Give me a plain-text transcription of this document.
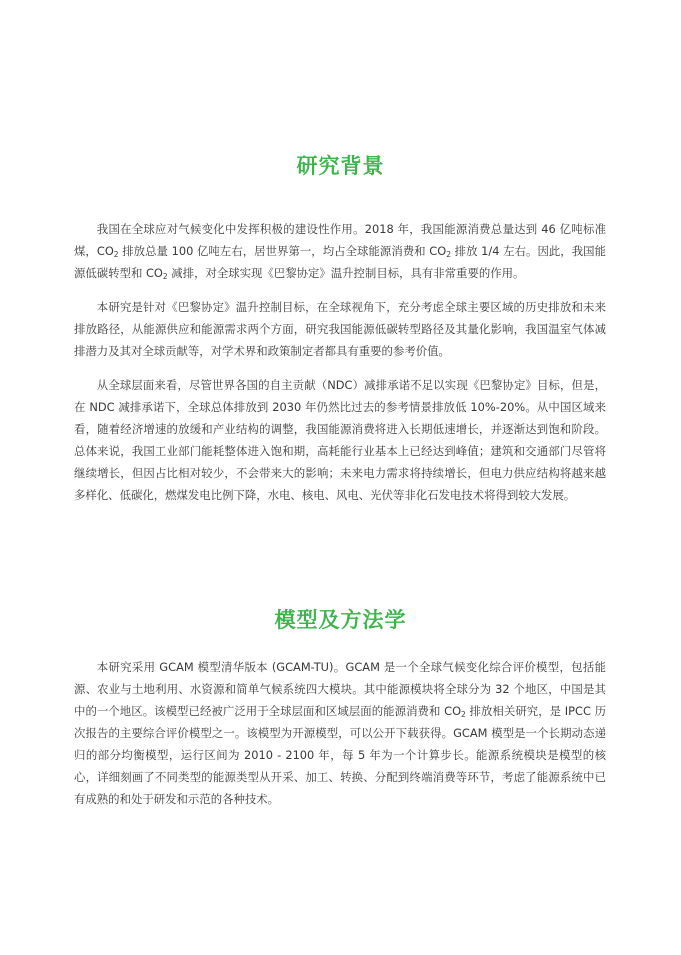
研究背景

我国在全球应对气候变化中发挥积极的建设性作用。2018 年，我国能源消费总量达到 46 亿吨标准煤，$CO_2$ 排放总量 100 亿吨左右，居世界第一，均占全球能源消费和 $CO_2$ 排放 1/4 左右。因此，我国能源低碳转型和 $CO_2$ 减排，对全球实现《巴黎协定》温升控制目标，具有非常重要的作用。

本研究是针对《巴黎协定》温升控制目标，在全球视角下，充分考虑全球主要区域的历史排放和未来排放路径，从能源供应和能源需求两个方面，研究我国能源低碳转型路径及其量化影响，我国温室气体减排潜力及其对全球贡献等，对学术界和政策制定者都具有重要的参考价值。

从全球层面来看，尽管世界各国的自主贡献（NDC）减排承诺不足以实现《巴黎协定》目标，但是，在 NDC 减排承诺下，全球总体排放到 2030 年仍然比过去的参考情景排放低 10%-20%。从中国区域来看，随着经济增速的放缓和产业结构的调整，我国能源消费将进入长期低速增长，并逐渐达到饱和阶段。总体来说，我国工业部门能耗整体进入饱和期，高耗能行业基本上已经达到峰值；建筑和交通部门尽管将继续增长，但因占比相对较少，不会带来大的影响；未来电力需求将持续增长，但电力供应结构将越来越多样化、低碳化，燃煤发电比例下降，水电、核电、风电、光伏等非化石发电技术将得到较大发展。

模型及方法学

本研究采用 GCAM 模型清华版本 (GCAM-TU)。GCAM 是一个全球气候变化综合评价模型，包括能源、农业与土地利用、水资源和简单气候系统四大模块。其中能源模块将全球分为 32 个地区，中国是其中的一个地区。该模型已经被广泛用于全球层面和区域层面的能源消费和 $CO_2$ 排放相关研究，是 IPCC 历次报告的主要综合评价模型之一。该模型为开源模型，可以公开下载获得。GCAM 模型是一个长期动态递归的部分均衡模型，运行区间为 2010 - 2100 年，每 5 年为一个计算步长。能源系统模块是模型的核心，详细刻画了不同类型的能源类型从开采、加工、转换、分配到终端消费等环节，考虑了能源系统中已有成熟的和处于研发和示范的各种技术。
